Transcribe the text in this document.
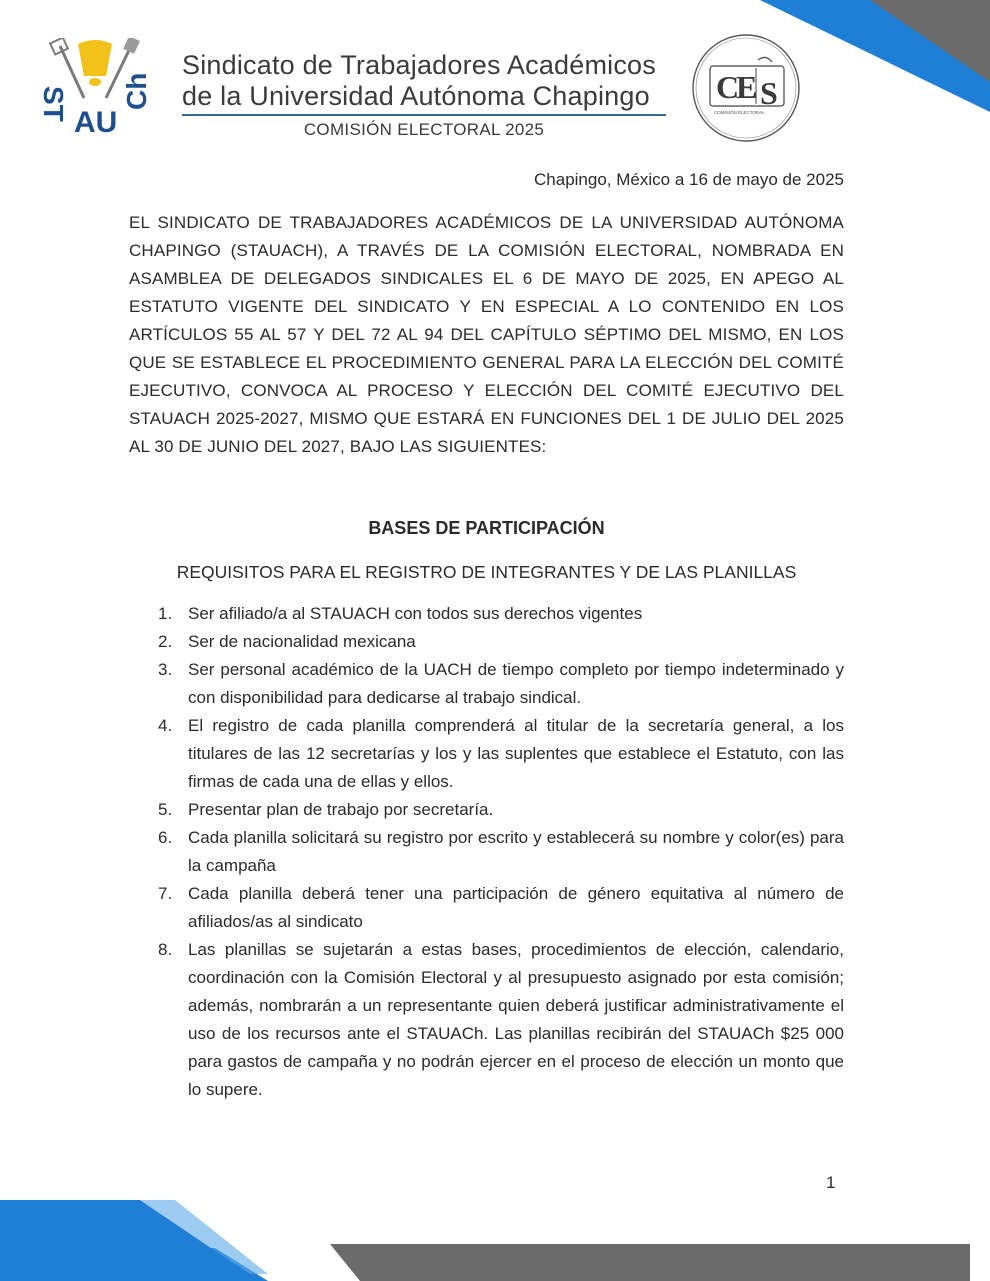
ST
AU
Ch
Sindicato de Trabajadores Académicos
de la Universidad Autónoma Chapingo
COMISIÓN ELECTORAL 2025
C
E S
COMISIÓN ELECTORAL
Chapingo, México a 16 de mayo de 2025

EL SINDICATO DE TRABAJADORES ACADÉMICOS DE LA UNIVERSIDAD AUTÓNOMA CHAPINGO (STAUACH), A TRAVÉS DE LA COMISIÓN ELECTORAL, NOMBRADA EN ASAMBLEA DE DELEGADOS SINDICALES EL 6 DE MAYO DE 2025, EN APEGO AL ESTATUTO VIGENTE DEL SINDICATO Y EN ESPECIAL A LO CONTENIDO EN LOS ARTÍCULOS 55 AL 57 Y DEL 72 AL 94 DEL CAPÍTULO SÉPTIMO DEL MISMO, EN LOS QUE SE ESTABLECE EL PROCEDIMIENTO GENERAL PARA LA ELECCIÓN DEL COMITÉ EJECUTIVO, CONVOCA AL PROCESO Y ELECCIÓN DEL COMITÉ EJECUTIVO DEL STAUACH 2025-2027, MISMO QUE ESTARÁ EN FUNCIONES DEL 1 DE JULIO DEL 2025 AL 30 DE JUNIO DEL 2027, BAJO LAS SIGUIENTES:

BASES DE PARTICIPACIÓN
REQUISITOS PARA EL REGISTRO DE INTEGRANTES Y DE LAS PLANILLAS
1. Ser afiliado/a al STAUACH con todos sus derechos vigentes
2. Ser de nacionalidad mexicana
3. Ser personal académico de la UACH de tiempo completo por tiempo indeterminado y con disponibilidad para dedicarse al trabajo sindical.
4. El registro de cada planilla comprenderá al titular de la secretaría general, a los titulares de las 12 secretarías y los y las suplentes que establece el Estatuto, con las firmas de cada una de ellas y ellos.
5. Presentar plan de trabajo por secretaría.
6. Cada planilla solicitará su registro por escrito y establecerá su nombre y color(es) para la campaña
7. Cada planilla deberá tener una participación de género equitativa al número de afiliados/as al sindicato
8. Las planillas se sujetarán a estas bases, procedimientos de elección, calendario, coordinación con la Comisión Electoral y al presupuesto asignado por esta comisión; además, nombrarán a un representante quien deberá justificar administrativamente el uso de los recursos ante el STAUACh. Las planillas recibirán del STAUACh $25 000 para gastos de campaña y no podrán ejercer en el proceso de elección un monto que lo supere.
1
